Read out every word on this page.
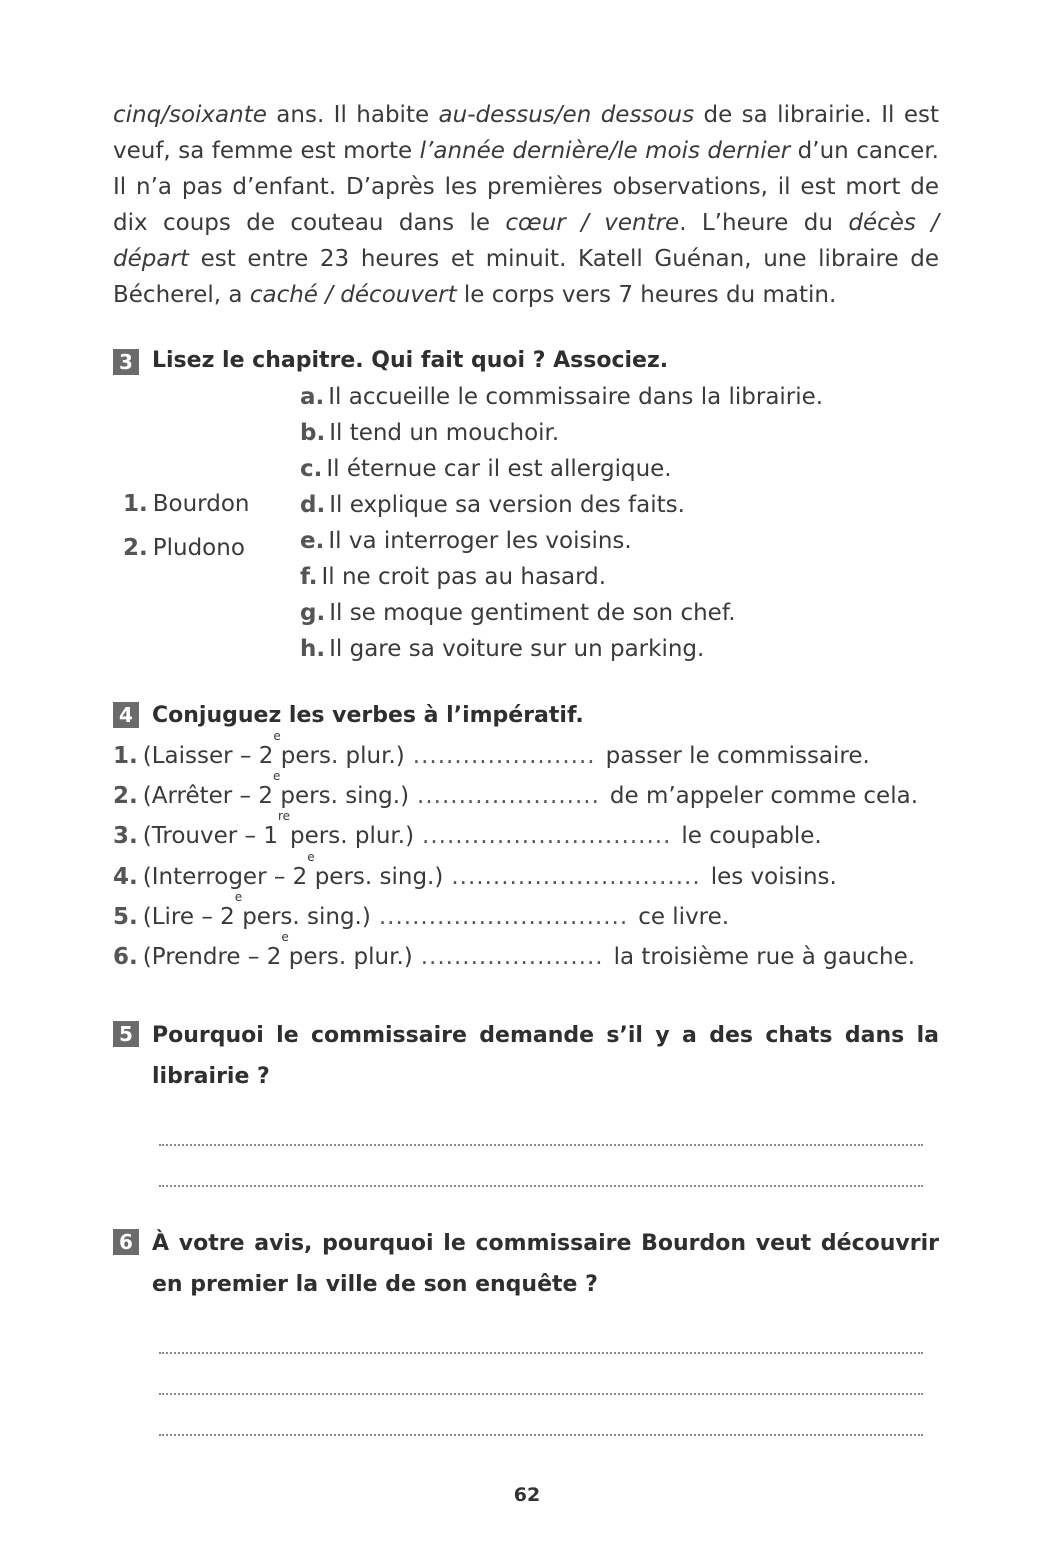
cinq/soixante ans. Il habite au-dessus/en dessous de sa librairie. Il est
veuf, sa femme est morte l’année dernière/le mois dernier d’un cancer.
Il n’a pas d’enfant. D’après les premières observations, il est mort de
dix coups de couteau dans le cœur / ventre. L’heure du décès /
départ est entre 23 heures et minuit. Katell Guénan, une libraire de
Bécherel, a caché / découvert le corps vers 7 heures du matin.

3 Lisez le chapitre. Qui fait quoi ? Associez.
1. Bourdon
2. Pludono
a. Il accueille le commissaire dans la librairie.
b. Il tend un mouchoir.
c. Il éternue car il est allergique.
d. Il explique sa version des faits.
e. Il va interroger les voisins.
f. Il ne croit pas au hasard.
g. Il se moque gentiment de son chef.
h. Il gare sa voiture sur un parking.
4 Conjuguez les verbes à l’impératif.
1. (Laisser – 2
e
pers. plur.) ...................... passer le commissaire.
2. (Arrêter – 2
e
pers. sing.) ...................... de m’appeler comme cela.
3. (Trouver – 1
re
pers. plur.) .............................. le coupable.
4. (Interroger – 2
e
pers. sing.) .............................. les voisins.
5. (Lire – 2
e
pers. sing.) .............................. ce livre.
6. (Prendre – 2
e
pers. plur.) ...................... la troisième rue à gauche.
5 Pourquoi le commissaire demande s’il y a des chats dans la librairie ?
6 À votre avis, pourquoi le commissaire Bourdon veut découvrir en premier la ville de son enquête ?
62
